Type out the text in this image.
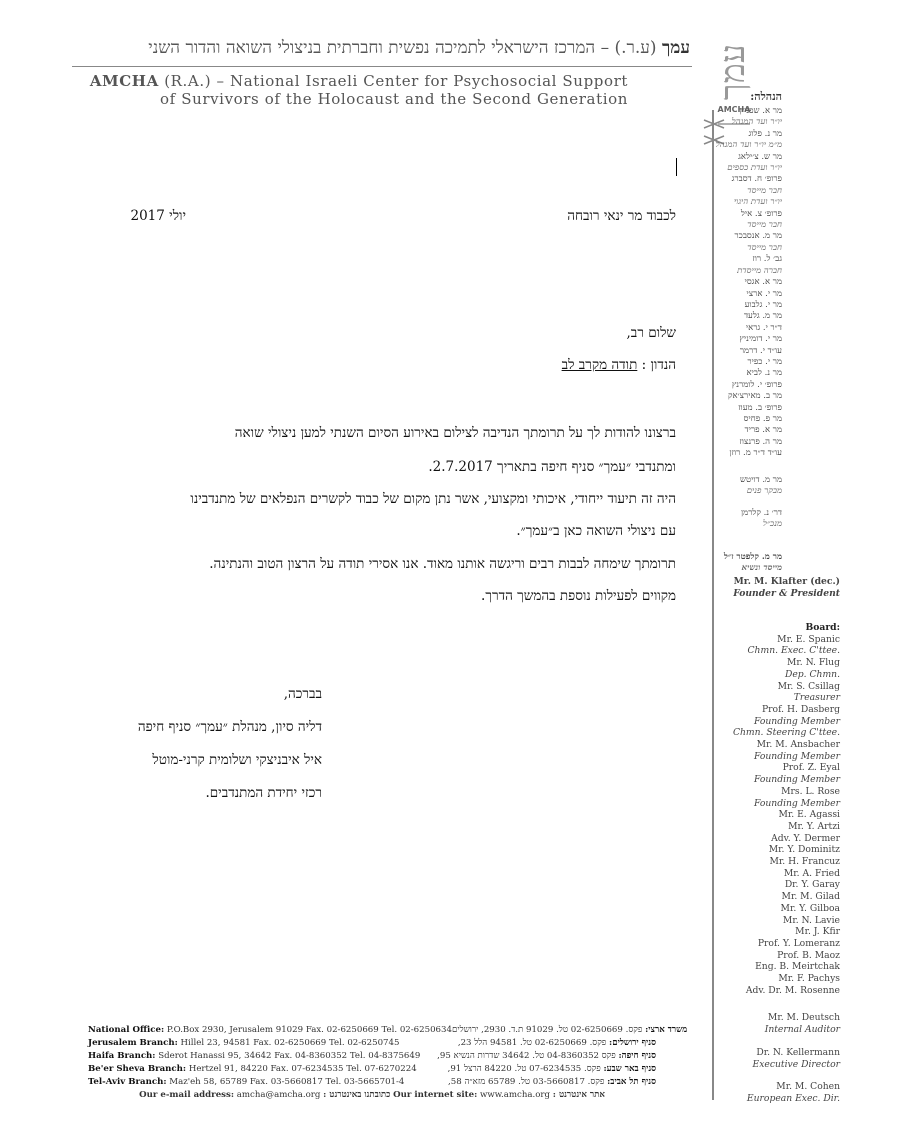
עמך (ע.ר.) – המרכז הישראלי לתמיכה נפשית וחברתית בניצולי השואה והדור השני
AMCHA (R.A.) – National Israeli Center for Psychosocial Support
of Survivors of the Holocaust and the Second Generation	עמך
AMCHA
לכבוד מר ינאי רובחה
יולי 2017
שלום רב,
הנדון : תודה מקרב לב
ברצונו להודות לך על תרומתך הנדיבה לצילום באירוע הסיום השנתי למען ניצולי שואה
ומתנדבי ״עמך״ סניף חיפה בתאריך 2.7.2017.
היה זה תיעוד ייחודי, איכותי ומקצועי, אשר נתן מקום של כבוד לקשרים הנפלאים של מתנדבינו
עם ניצולי השואה כאן ב״עמך״.
תרומתך שימחה לבבות רבים וריגשה אותנו מאוד. אנו אסירי תודה על הרצון הטוב והנתינה.
מקווים לפעילות נוספת בהמשך הדרך.
בברכה,
דליה סיון, מנהלת ״עמך״ סניף חיפה
איל איבניצקי ושלומית קרני-מוטל
רכזי יחידת המתנדבים.
הנהלה:
מר א. שפניץ
יו״ר ועד המנהל
מר נ. פלוג
מ״מ יו״ר ועד המנהל
מר ש. צ׳ילאג
יו״ר ועדת כספים
פרופ׳ ח. דסברג
חבר מייסד
יו״ר ועדת היגוי
פרופ׳ צ. איל
חבר מייסד
מר מ. אנסבכר
חבר מייסד
גב׳ ל. רוז
חברה מייסדת
מר א. אגסי
מר י. ארצי
מר י. גלבוע
מר מ. גלעד
ד״ר י. גראי
מר י. דומיניץ
עו״ד י. דרמר
מר י. כפיר
מר נ. לביא
פרופ׳ י. לומרנץ
מר ב. מאירצ׳אק
פרופ׳ ב. מעוז
מר פ. פחיס
מר א. פריד
מר ה. פרנצוז
עו״ד ד״ר מ. רוזן
מר מ. דויטש
מבקר פנים
דר׳ נ. קלרמן
מנכ״ל
מר מ. קלפטר ז״ל
מייסד ונשיא
Mr. M. Klafter (dec.)
Founder & President
Board:
Mr. E. Spanic
Chmn. Exec. C'ttee.
Mr. N. Flug
Dep. Chmn.
Mr. S. Csillag
Treasurer
Prof. H. Dasberg
Founding Member
Chmn. Steering C'ttee.
Mr. M. Ansbacher
Founding Member
Prof. Z. Eyal
Founding Member
Mrs. L. Rose
Founding Member
Mr. E. Agassi
Mr. Y. Artzi
Adv. Y. Dermer
Mr. Y. Dominitz
Mr. H. Francuz
Mr. A. Fried
Dr. Y. Garay
Mr. M. Gilad
Mr. Y. Gilboa
Mr. N. Lavie
Mr. J. Kfir
Prof. Y. Lomeranz
Prof. B. Maoz
Eng. B. Meirtchak
Mr. F. Pachys
Adv. Dr. M. Rosenne
Mr. M. Deutsch
Internal Auditor
Dr. N. Kellermann
Executive Director
Mr. M. Cohen
European Exec. Dir.
National Office: P.O.Box 2930, Jerusalem 91029 Fax. 02-6250669 Tel. 02-6250634	משרד ארצי: פקס. 02-6250669 טל. 91029 ת.ד. 2930, ירושלים
Jerusalem Branch: Hillel 23, 94581 Fax. 02-6250669 Tel. 02-6250745	סניף ירושלים: פקס. 02-6250669 טל. 94581 הלל 23,
Haifa Branch: Sderot Hanassi 95, 34642 Fax. 04-8360352 Tel. 04-8375649	סניף חיפה: פקס 04-8360352 טל. 34642 שדרות הנשיא 95,
Be'er Sheva Branch: Hertzel 91, 84220 Fax. 07-6234535 Tel. 07-6270224	סניף באר שבע: פקס. 07-6234535 טל. 84220 הרצל 91,
Tel-Aviv Branch: Maz'eh 58, 65789 Fax. 03-5660817 Tel. 03-5665701-4	סניף תל אביב: פקס. 03-5660817 טל. 65789 מזא״ה 58,
Our e-mail address: amcha@amcha.org : כתובתנו באינטרנט Our internet site: www.amcha.org : אתר אינטרנט
